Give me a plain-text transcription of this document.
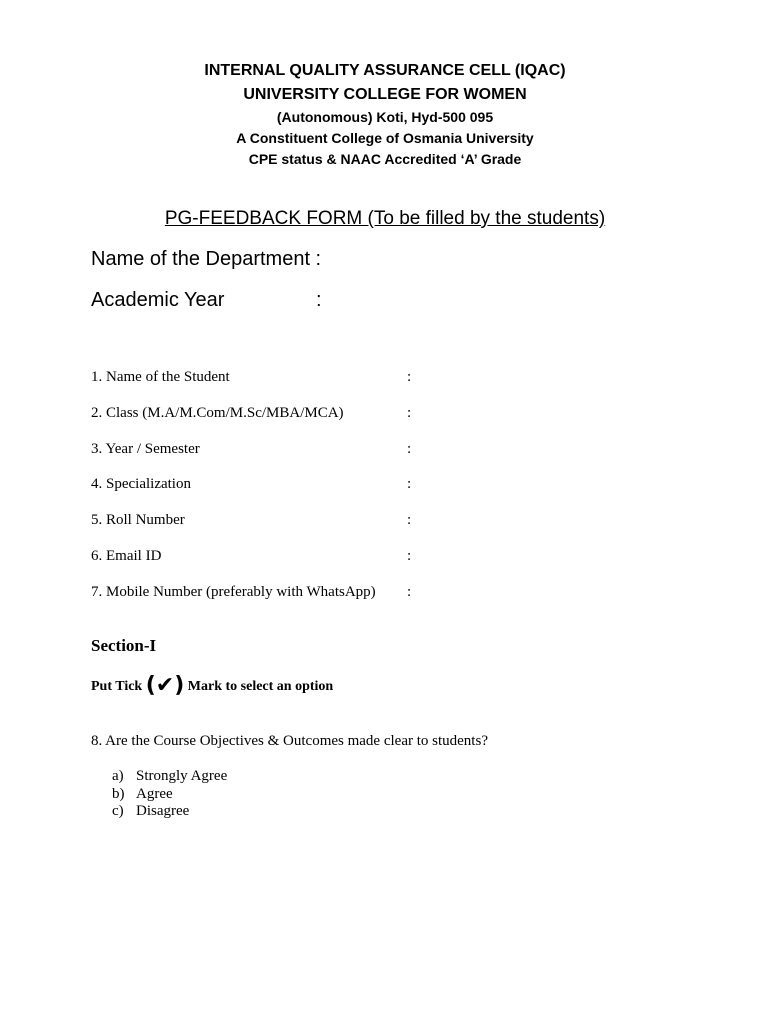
INTERNAL QUALITY ASSURANCE CELL (IQAC)
UNIVERSITY COLLEGE FOR WOMEN
(Autonomous) Koti, Hyd-500 095
A Constituent College of Osmania University
CPE status & NAAC Accredited ‘A’ Grade
PG-FEEDBACK FORM (To be filled by the students)
Name of the Department :
Academic Year	:
1. Name of the Student	:
2. Class (M.A/M.Com/M.Sc/MBA/MCA)	:
3. Year / Semester	:
4. Specialization	:
5. Roll Number	:
6. Email ID	:
7. Mobile Number (preferably with WhatsApp) :
Section-I
Put Tick (✔) Mark to select an option
8. Are the Course Objectives & Outcomes made clear to students?
a) Strongly Agree
b) Agree
c) Disagree
